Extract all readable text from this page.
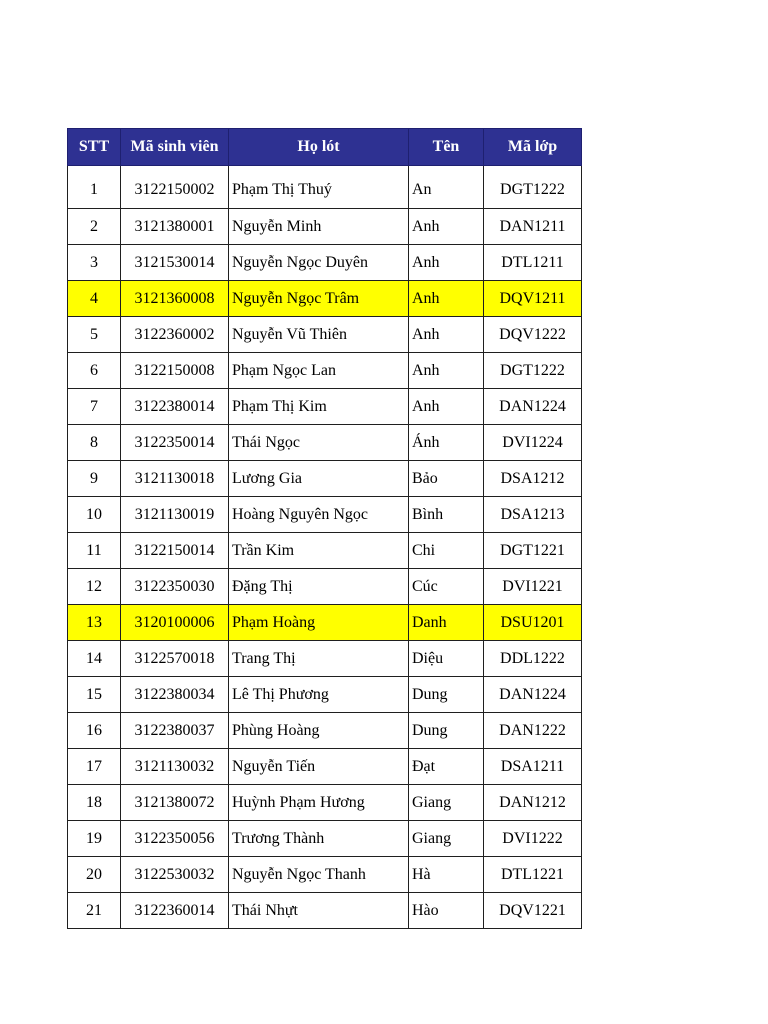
STT	Mã sinh viên	Họ lót	Tên	Mã lớp
1	3122150002	Phạm Thị Thuý	An	DGT1222
2	3121380001	Nguyễn Minh	Anh	DAN1211
3	3121530014	Nguyễn Ngọc Duyên	Anh	DTL1211
4	3121360008	Nguyễn Ngọc Trâm	Anh	DQV1211
5	3122360002	Nguyễn Vũ Thiên	Anh	DQV1222
6	3122150008	Phạm Ngọc Lan	Anh	DGT1222
7	3122380014	Phạm Thị Kim	Anh	DAN1224
8	3122350014	Thái Ngọc	Ánh	DVI1224
9	3121130018	Lương Gia	Bảo	DSA1212
10	3121130019	Hoàng Nguyên Ngọc	Bình	DSA1213
11	3122150014	Trần Kim	Chi	DGT1221
12	3122350030	Đặng Thị	Cúc	DVI1221
13	3120100006	Phạm Hoàng	Danh	DSU1201
14	3122570018	Trang Thị	Diệu	DDL1222
15	3122380034	Lê Thị Phương	Dung	DAN1224
16	3122380037	Phùng Hoàng	Dung	DAN1222
17	3121130032	Nguyễn Tiến	Đạt	DSA1211
18	3121380072	Huỳnh Phạm Hương	Giang	DAN1212
19	3122350056	Trương Thành	Giang	DVI1222
20	3122530032	Nguyễn Ngọc Thanh	Hà	DTL1221
21	3122360014	Thái Nhựt	Hào	DQV1221
